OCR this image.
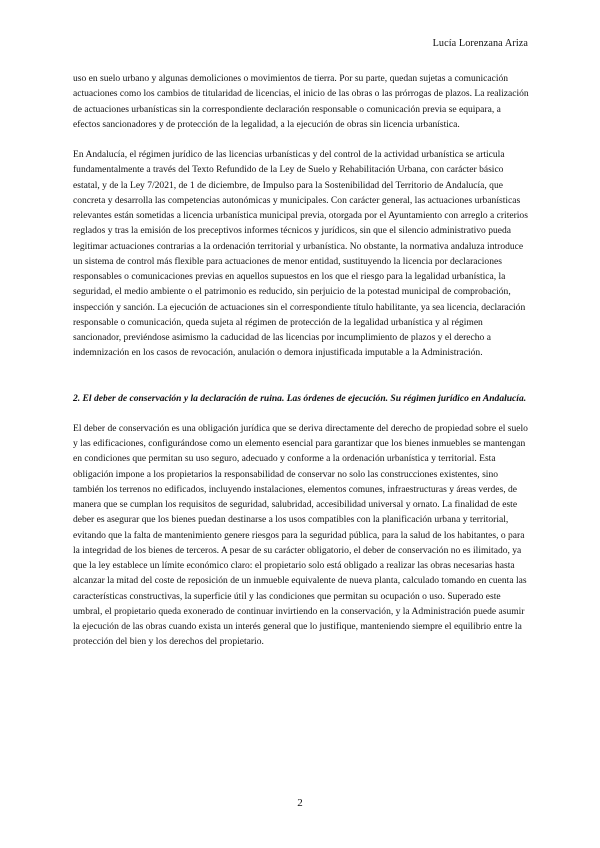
Lucía Lorenzana Ariza

uso en suelo urbano y algunas demoliciones o movimientos de tierra. Por su parte, quedan sujetas a comunicación actuaciones como los cambios de titularidad de licencias, el inicio de las obras o las prórrogas de plazos. La realización de actuaciones urbanísticas sin la correspondiente declaración responsable o comunicación previa se equipara, a efectos sancionadores y de protección de la legalidad, a la ejecución de obras sin licencia urbanística.

En Andalucía, el régimen jurídico de las licencias urbanísticas y del control de la actividad urbanística se articula fundamentalmente a través del Texto Refundido de la Ley de Suelo y Rehabilitación Urbana, con carácter básico estatal, y de la Ley 7/2021, de 1 de diciembre, de Impulso para la Sostenibilidad del Territorio de Andalucía, que concreta y desarrolla las competencias autonómicas y municipales. Con carácter general, las actuaciones urbanísticas relevantes están sometidas a licencia urbanística municipal previa, otorgada por el Ayuntamiento con arreglo a criterios reglados y tras la emisión de los preceptivos informes técnicos y jurídicos, sin que el silencio administrativo pueda legitimar actuaciones contrarias a la ordenación territorial y urbanística. No obstante, la normativa andaluza introduce un sistema de control más flexible para actuaciones de menor entidad, sustituyendo la licencia por declaraciones responsables o comunicaciones previas en aquellos supuestos en los que el riesgo para la legalidad urbanística, la seguridad, el medio ambiente o el patrimonio es reducido, sin perjuicio de la potestad municipal de comprobación, inspección y sanción. La ejecución de actuaciones sin el correspondiente título habilitante, ya sea licencia, declaración responsable o comunicación, queda sujeta al régimen de protección de la legalidad urbanística y al régimen sancionador, previéndose asimismo la caducidad de las licencias por incumplimiento de plazos y el derecho a indemnización en los casos de revocación, anulación o demora injustificada imputable a la Administración.

2. El deber de conservación y la declaración de ruina. Las órdenes de ejecución. Su régimen jurídico en Andalucía.

El deber de conservación es una obligación jurídica que se deriva directamente del derecho de propiedad sobre el suelo y las edificaciones, configurándose como un elemento esencial para garantizar que los bienes inmuebles se mantengan en condiciones que permitan su uso seguro, adecuado y conforme a la ordenación urbanística y territorial. Esta obligación impone a los propietarios la responsabilidad de conservar no solo las construcciones existentes, sino también los terrenos no edificados, incluyendo instalaciones, elementos comunes, infraestructuras y áreas verdes, de manera que se cumplan los requisitos de seguridad, salubridad, accesibilidad universal y ornato. La finalidad de este deber es asegurar que los bienes puedan destinarse a los usos compatibles con la planificación urbana y territorial, evitando que la falta de mantenimiento genere riesgos para la seguridad pública, para la salud de los habitantes, o para la integridad de los bienes de terceros. A pesar de su carácter obligatorio, el deber de conservación no es ilimitado, ya que la ley establece un límite económico claro: el propietario solo está obligado a realizar las obras necesarias hasta alcanzar la mitad del coste de reposición de un inmueble equivalente de nueva planta, calculado tomando en cuenta las características constructivas, la superficie útil y las condiciones que permitan su ocupación o uso. Superado este umbral, el propietario queda exonerado de continuar invirtiendo en la conservación, y la Administración puede asumir la ejecución de las obras cuando exista un interés general que lo justifique, manteniendo siempre el equilibrio entre la protección del bien y los derechos del propietario.

2
